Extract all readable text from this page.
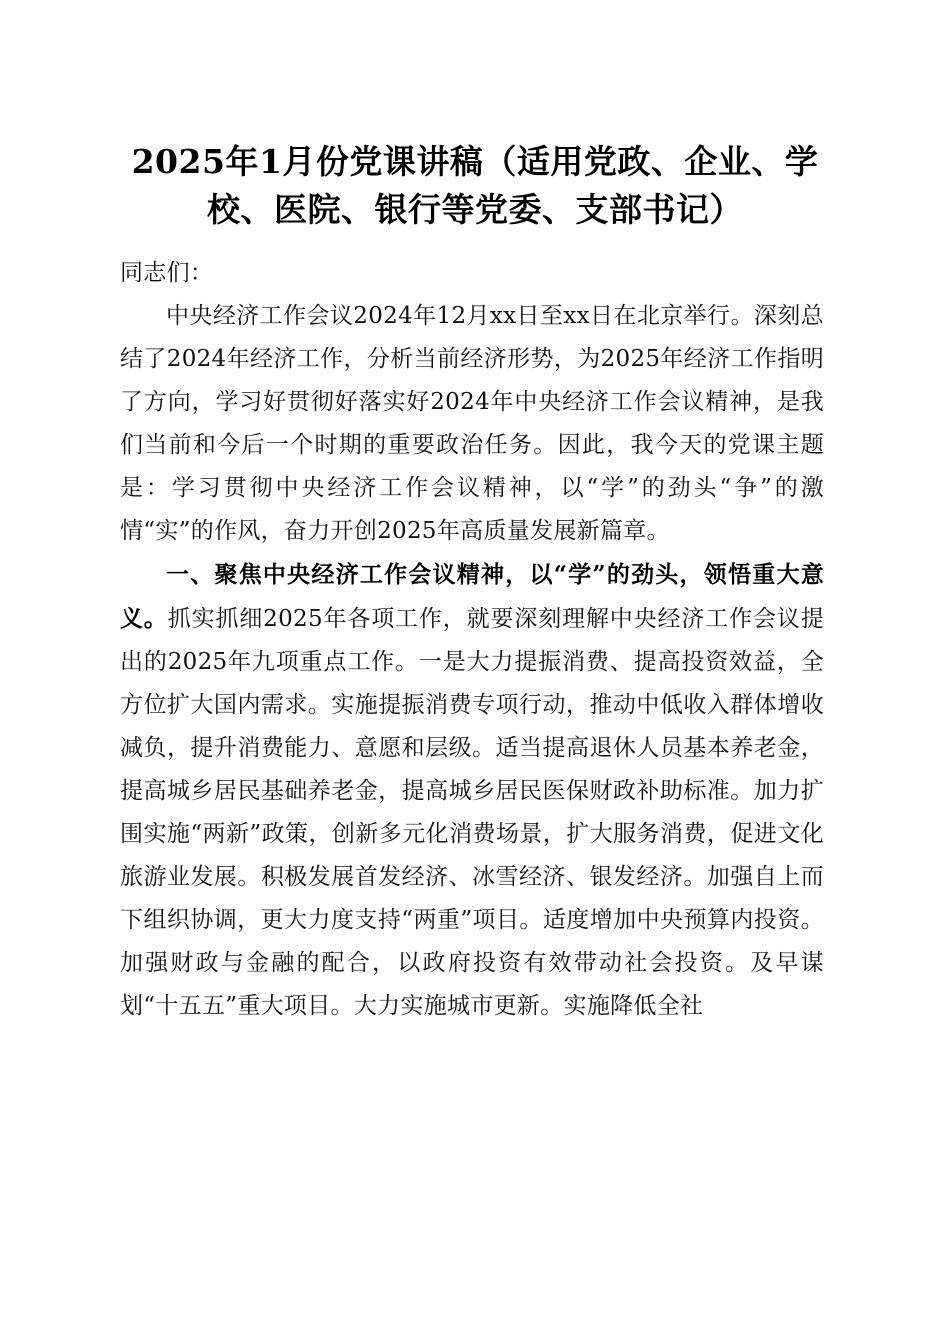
2025年1月份党课讲稿（适用党政、企业、学校、医院、银行等党委、支部书记）

同志们：

中央经济工作会议2024年12月xx日至xx日在北京举行。深刻总结了2024年经济工作，分析当前经济形势，为2025年经济工作指明了方向，学习好贯彻好落实好2024年中央经济工作会议精神，是我们当前和今后一个时期的重要政治任务。因此，我今天的党课主题是：学习贯彻中央经济工作会议精神，以“学”的劲头“争”的激情“实”的作风，奋力开创2025年高质量发展新篇章。

一、聚焦中央经济工作会议精神，以“学”的劲头，领悟重大意义。抓实抓细2025年各项工作，就要深刻理解中央经济工作会议提出的2025年九项重点工作。一是大力提振消费、提高投资效益，全方位扩大国内需求。实施提振消费专项行动，推动中低收入群体增收减负，提升消费能力、意愿和层级。适当提高退休人员基本养老金，提高城乡居民基础养老金，提高城乡居民医保财政补助标准。加力扩围实施“两新”政策，创新多元化消费场景，扩大服务消费，促进文化旅游业发展。积极发展首发经济、冰雪经济、银发经济。加强自上而下组织协调，更大力度支持“两重”项目。适度增加中央预算内投资。加强财政与金融的配合，以政府投资有效带动社会投资。及早谋划“十五五”重大项目。大力实施城市更新。实施降低全社
